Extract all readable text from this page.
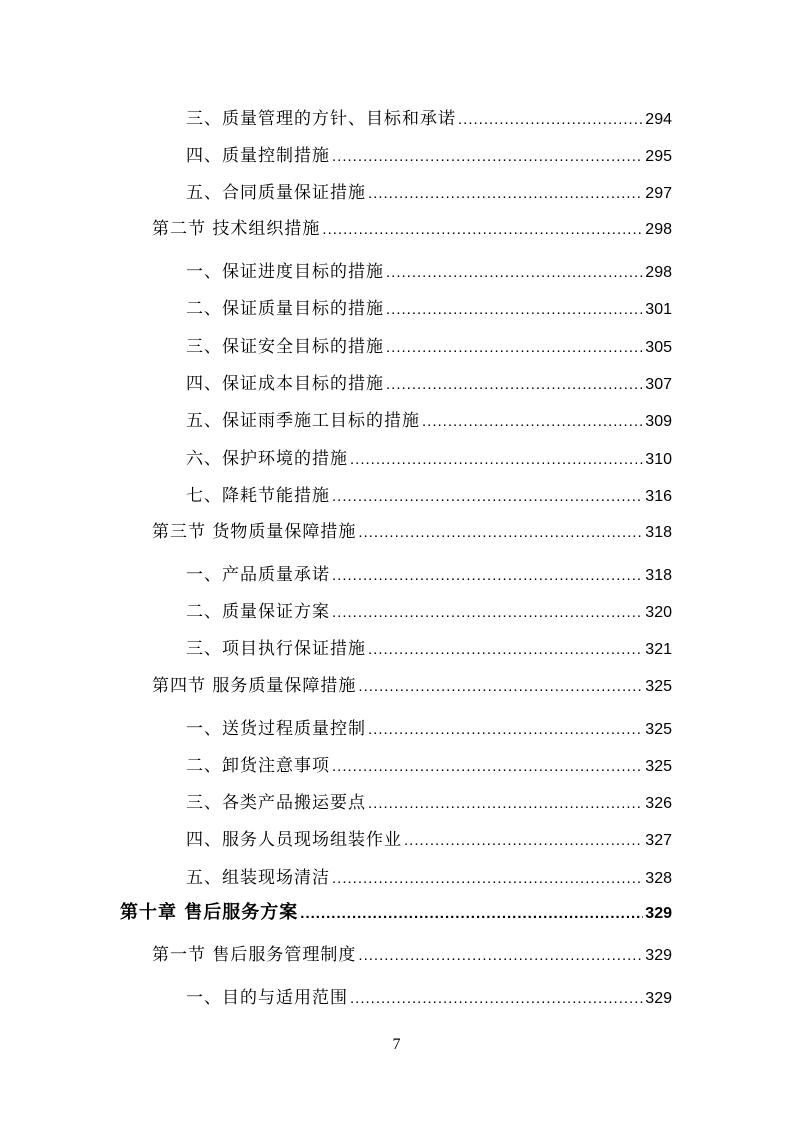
三、质量管理的方针、目标和承诺 .....	294
四、质量控制措施 .....	295
五、合同质量保证措施 .....	297
第二节 技术组织措施 .....	298
一、保证进度目标的措施 .....	298
二、保证质量目标的措施 .....	301
三、保证安全目标的措施 .....	305
四、保证成本目标的措施 .....	307
五、保证雨季施工目标的措施 .....	309
六、保护环境的措施 .....	310
七、降耗节能措施 .....	316
第三节 货物质量保障措施 .....	318
一、产品质量承诺 .....	318
二、质量保证方案 .....	320
三、项目执行保证措施 .....	321
第四节 服务质量保障措施 .....	325
一、送货过程质量控制 .....	325
二、卸货注意事项 .....	325
三、各类产品搬运要点 .....	326
四、服务人员现场组装作业 .....	327
五、组装现场清洁 .....	328
第十章 售后服务方案 .....	329
第一节 售后服务管理制度 .....	329
一、目的与适用范围 .....	329
7
